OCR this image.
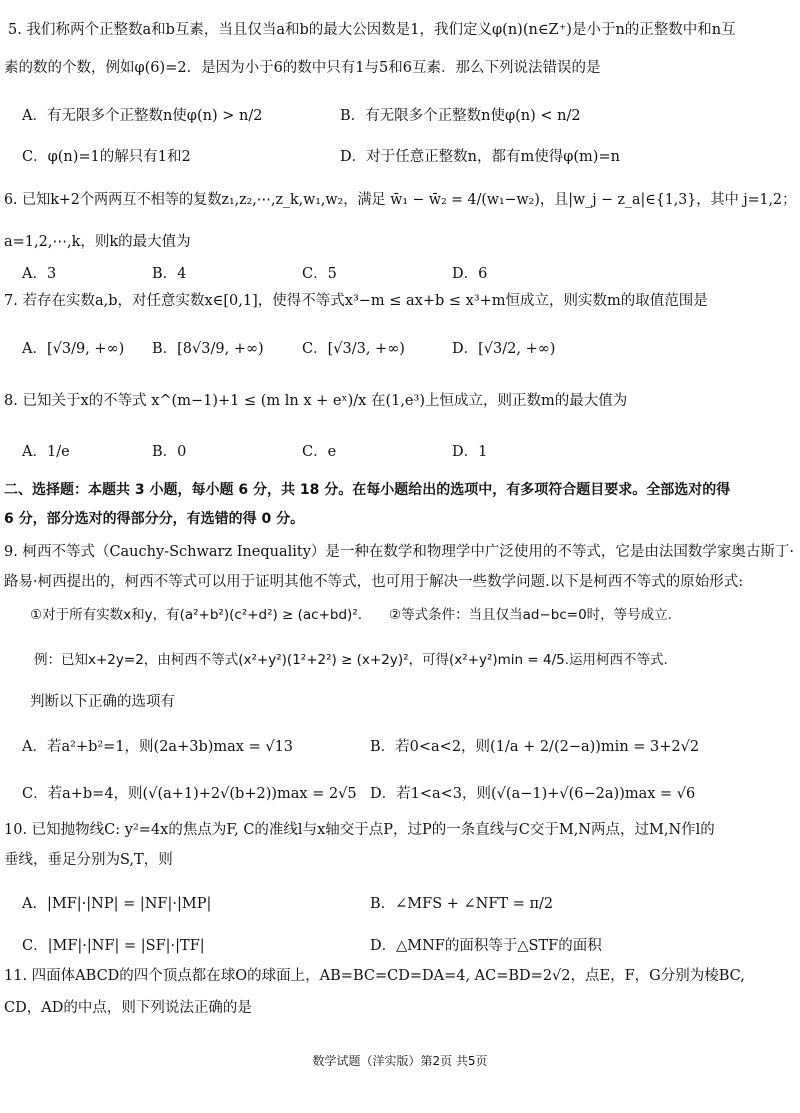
5. 我们称两个正整数a和b互素，当且仅当a和b的最大公因数是1，我们定义φ(n)(n∈Z⁺)是小于n的正整数中和n互
素的数的个数，例如φ(6)=2．是因为小于6的数中只有1与5和6互素．那么下列说法错误的是
A．有无限多个正整数n使φ(n) > n/2	B．有无限多个正整数n使φ(n) < n/2
C．φ(n)=1的解只有1和2	D．对于任意正整数n，都有m使得φ(m)=n
6. 已知k+2个两两互不相等的复数z₁,z₂,⋯,z_k,w₁,w₂，满足 w̄₁ − w̄₂ = 4/(w₁−w₂)，且|w_j − z_a|∈{1,3}，其中 j=1,2；
a=1,2,⋯,k，则k的最大值为
A．3	B．4	C．5	D．6
7. 若存在实数a,b，对任意实数x∈[0,1]，使得不等式x³−m ≤ ax+b ≤ x³+m恒成立，则实数m的取值范围是
A．[√3/9, +∞) B．[8√3/9, +∞)	C．[√3/3, +∞)	D．[√3/2, +∞)
8. 已知关于x的不等式 x^(m−1)+1 ≤ (m ln x + eˣ)/x 在(1,e³)上恒成立，则正数m的最大值为
A．1/e	B．0	C．e	D．1
二、选择题：本题共 3 小题，每小题 6 分，共 18 分。在每小题给出的选项中，有多项符合题目要求。全部选对的得
6 分，部分选对的得部分分，有选错的得 0 分。
9. 柯西不等式（Cauchy-Schwarz Inequality）是一种在数学和物理学中广泛使用的不等式，它是由法国数学家奥古斯丁·
路易·柯西提出的，柯西不等式可以用于证明其他不等式，也可用于解决一些数学问题.以下是柯西不等式的原始形式:
①对于所有实数x和y，有(a²+b²)(c²+d²) ≥ (ac+bd)².　　②等式条件：当且仅当ad−bc=0时，等号成立.
例：已知x+2y=2，由柯西不等式(x²+y²)(1²+2²) ≥ (x+2y)²，可得(x²+y²)min = 4/5.运用柯西不等式.
判断以下正确的选项有
A．若a²+b²=1，则(2a+3b)max = √13	B．若0<a<2，则(1/a + 2/(2−a))min = 3+2√2
C．若a+b=4，则(√(a+1)+2√(b+2))max = 2√5 D．若1<a<3，则(√(a−1)+√(6−2a))max = √6
10. 已知抛物线C: y²=4x的焦点为F, C的准线l与x轴交于点P，过P的一条直线与C交于M,N两点，过M,N作l的
垂线，垂足分别为S,T，则
A．|MF|·|NP| = |NF|·|MP|	B．∠MFS + ∠NFT = π/2
C．|MF|·|NF| = |SF|·|TF|	D．△MNF的面积等于△STF的面积
11. 四面体ABCD的四个顶点都在球O的球面上，AB=BC=CD=DA=4, AC=BD=2√2，点E，F，G分别为棱BC,
CD，AD的中点，则下列说法正确的是
数学试题（洋实版）第2页 共5页
